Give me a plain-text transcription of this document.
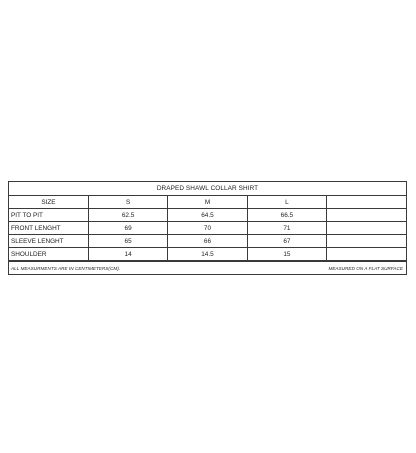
DRAPED SHAWL COLLAR SHIRT
SIZE	S	M	L	
PIT TO PIT	62.5	64.5	66.5	
FRONT LENGHT	69	70	71	
SLEEVE LENGHT	65	66	67	
SHOULDER	14	14.5	15	
ALL MEASURMENTS ARE IN CENTIMETERS(CM).	MEASURED ON A FLAT SURFACE
